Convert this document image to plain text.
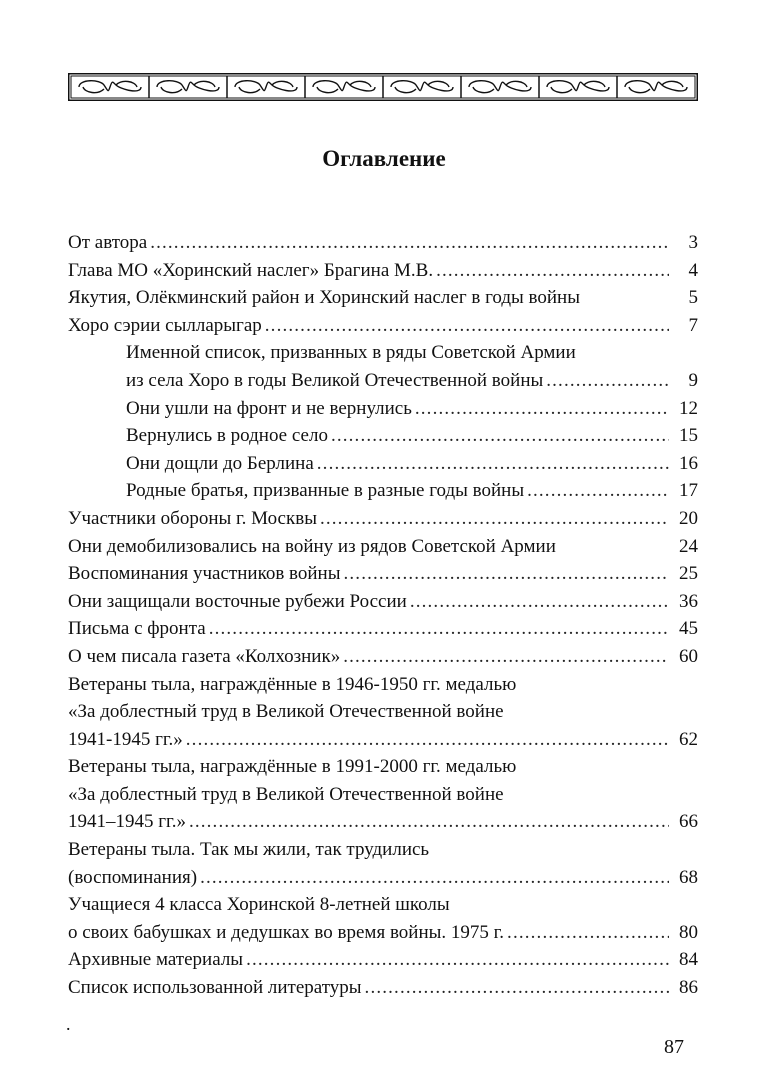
Оглавление
От автора . . .	3
Глава МО «Хоринский наслег» Брагина М.В. . . .	4
Якутия, Олёкминский район и Хоринский наслег в годы войны	5
Хоро сэрии сылларыгар . . .	7
Именной список, призванных в ряды Советской Армии
из села Хоро в годы Великой Отечественной войны . . .	9
Они ушли на фронт и не вернулись . . .	12
Вернулись в родное село . . .	15
Они дощли до Берлина . . .	16
Родные братья, призванные в разные годы войны . . .	17
Участники обороны г. Москвы . . .	20
Они демобилизовались на войну из рядов Советской Армии	24
Воспоминания участников войны . . .	25
Они защищали восточные рубежи России . . .	36
Письма с фронта . . .	45
О чем писала газета «Колхозник» . . .	60
Ветераны тыла, награждённые в 1946-1950 гг. медалью
«За доблестный труд в Великой Отечественной войне
1941-1945 гг.» . . .	62
Ветераны тыла, награждённые в 1991-2000 гг. медалью
«За доблестный труд в Великой Отечественной войне
1941–1945 гг.» . . .	66
Ветераны тыла. Так мы жили, так трудились
(воспоминания) . . .	68
Учащиеся 4 класса Хоринской 8-летней школы
о своих бабушках и дедушках во время войны. 1975 г. . . .	80
Архивные материалы . . .	84
Список использованной литературы . . .	86
.
87
